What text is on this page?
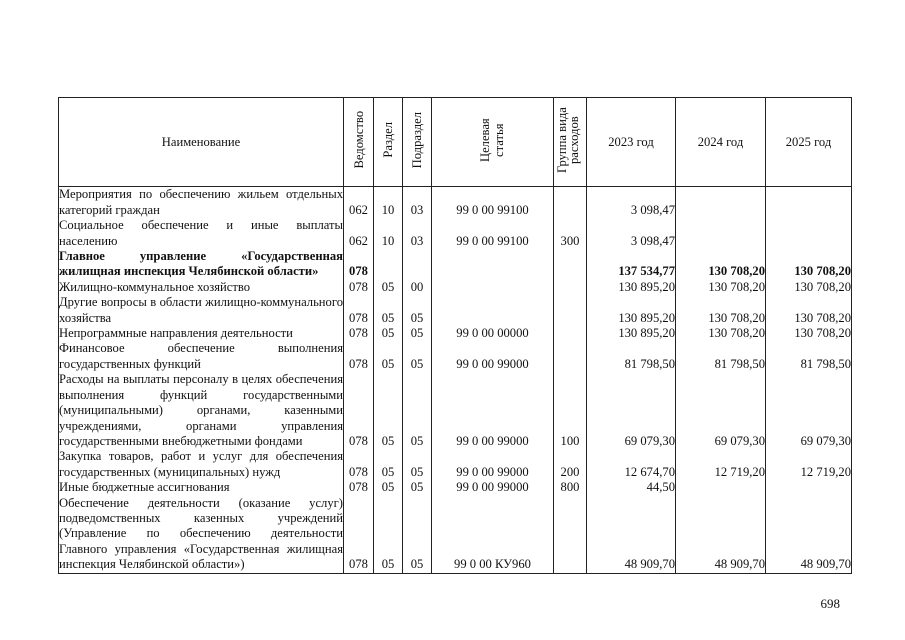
Наименование	Ведомство	Раздел	Подраздел	Целевая статья	Группа вида расходов	2023 год	2024 год	2025 год
Мероприятия по обеспечению жильем отдельных категорий граждан	062	10	03	99 0 00 99100		3 098,47		
Социальное обеспечение и иные выплаты населению	062	10	03	99 0 00 99100	300	3 098,47		
Главное управление «Государственная жилищная инспекция Челябинской области»	078					137 534,77	130 708,20	130 708,20
Жилищно-коммунальное хозяйство	078	05	00			130 895,20	130 708,20	130 708,20
Другие вопросы в области жилищно-коммунального хозяйства	078	05	05			130 895,20	130 708,20	130 708,20
Непрограммные направления деятельности	078	05	05	99 0 00 00000		130 895,20	130 708,20	130 708,20
Финансовое обеспечение выполнения государственных функций	078	05	05	99 0 00 99000		81 798,50	81 798,50	81 798,50
Расходы на выплаты персоналу в целях обеспечения выполнения функций государственными (муниципальными) органами, казенными учреждениями, органами управления государственными внебюджетными фондами	078	05	05	99 0 00 99000	100	69 079,30	69 079,30	69 079,30
Закупка товаров, работ и услуг для обеспечения государственных (муниципальных) нужд	078	05	05	99 0 00 99000	200	12 674,70	12 719,20	12 719,20
Иные бюджетные ассигнования	078	05	05	99 0 00 99000	800	44,50		
Обеспечение деятельности (оказание услуг) подведомственных казенных учреждений (Управление по обеспечению деятельности Главного управления «Государственная жилищная инспекция Челябинской области»)	078	05	05	99 0 00 КУ960		48 909,70	48 909,70	48 909,70
698
